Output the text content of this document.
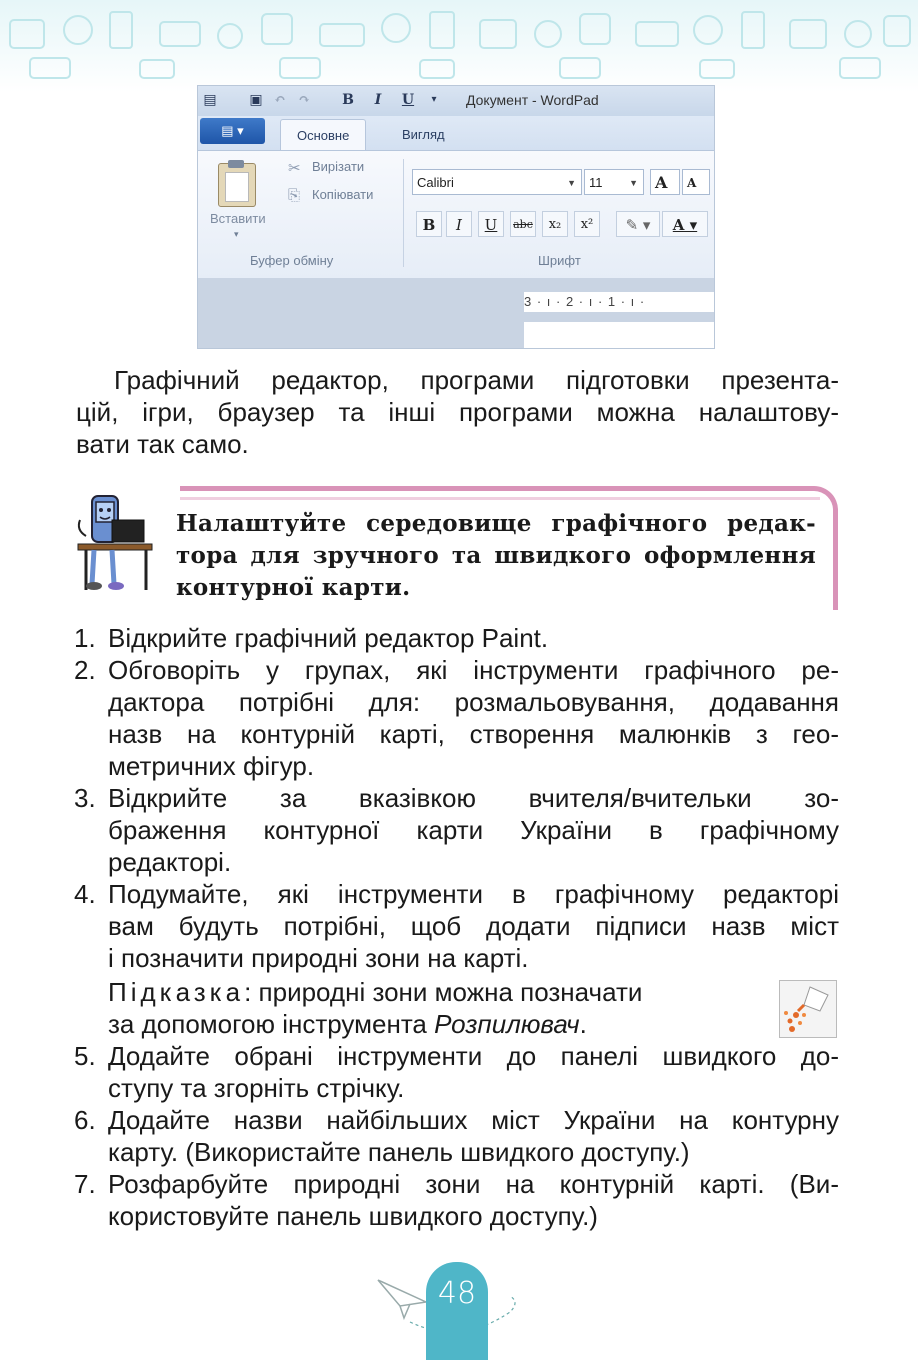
▤ ▣ ↶ ↷ B	I	U	▾	Документ - WordPad
▤ ▾	Основне	Вигляд
Вставити
▾
✂ Вирізати
⎘ Копіювати
Буфер обміну
Calibri	▼	11	▼	A	A
Шрифт
B	I	U	abc	x₂	x²	✎ ▾	A ▾
3 · ı · 2 · ı · 1 · ı ·
Графічний редактор, програми підготовки презента-
цій, ігри, браузер та інші програми можна налаштову-
вати так само.
Налаштуйте середовище графічного редак-
тора для зручного та швидкого оформлення
контурної карти.
1. Відкрийте графічний редактор Paint.
2. Обговоріть у групах, які інструменти графічного ре-
дактора потрібні для: розмальовування, додавання
назв на контурній карті, створення малюнків з гео-
метричних фігур.
3. Відкрийте за вказівкою вчителя/вчительки зо-
браження контурної карти України в графічному
редакторі.
4. Подумайте, які інструменти в графічному редакторі
вам будуть потрібні, щоб додати підписи назв міст
і позначити природні зони на карті.
Підказка: природні зони можна позначати
за допомогою інструмента Розпилювач.
5. Додайте обрані інструменти до панелі швидкого до-
ступу та згорніть стрічку.
6. Додайте назви найбільших міст України на контурну
карту. (Використайте панель швидкого доступу.)
7. Розфарбуйте природні зони на контурній карті. (Ви-
користовуйте панель швидкого доступу.)
48
